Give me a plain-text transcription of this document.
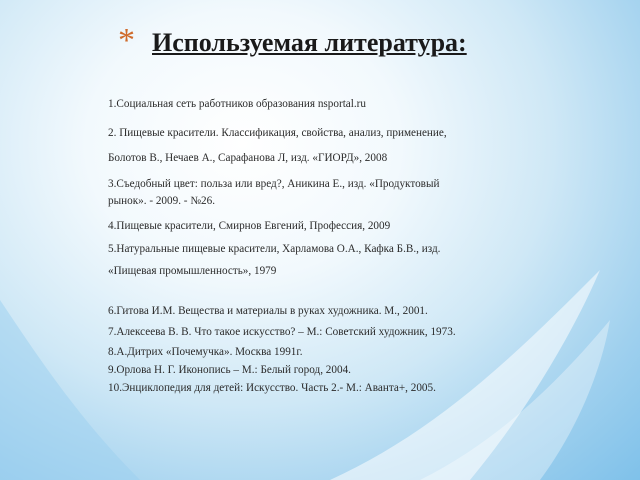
* Используемая литература:
1.Социальная сеть работников образования nsportal.ru
2. Пищевые красители. Классификация, свойства, анализ, применение,
Болотов В., Нечаев А., Сарафанова Л, изд. «ГИОРД», 2008
3.Съедобный цвет: польза или вред?, Аникина Е., изд. «Продуктовый
рынок». - 2009. - №26.
4.Пищевые красители, Смирнов Евгений, Профессия, 2009
5.Натуральные пищевые красители, Харламова О.А., Кафка Б.В., изд.
«Пищевая промышленность», 1979
6.Гитова И.М. Вещества и материалы в руках художника. М., 2001.
7.Алексеева В. В. Что такое искусство? – М.: Советский художник, 1973.
8.А.Дитрих «Почемучка». Москва 1991г.
9.Орлова Н. Г. Иконопись – М.: Белый город, 2004.
10.Энциклопедия для детей: Искусство. Часть 2.- М.: Аванта+, 2005.
